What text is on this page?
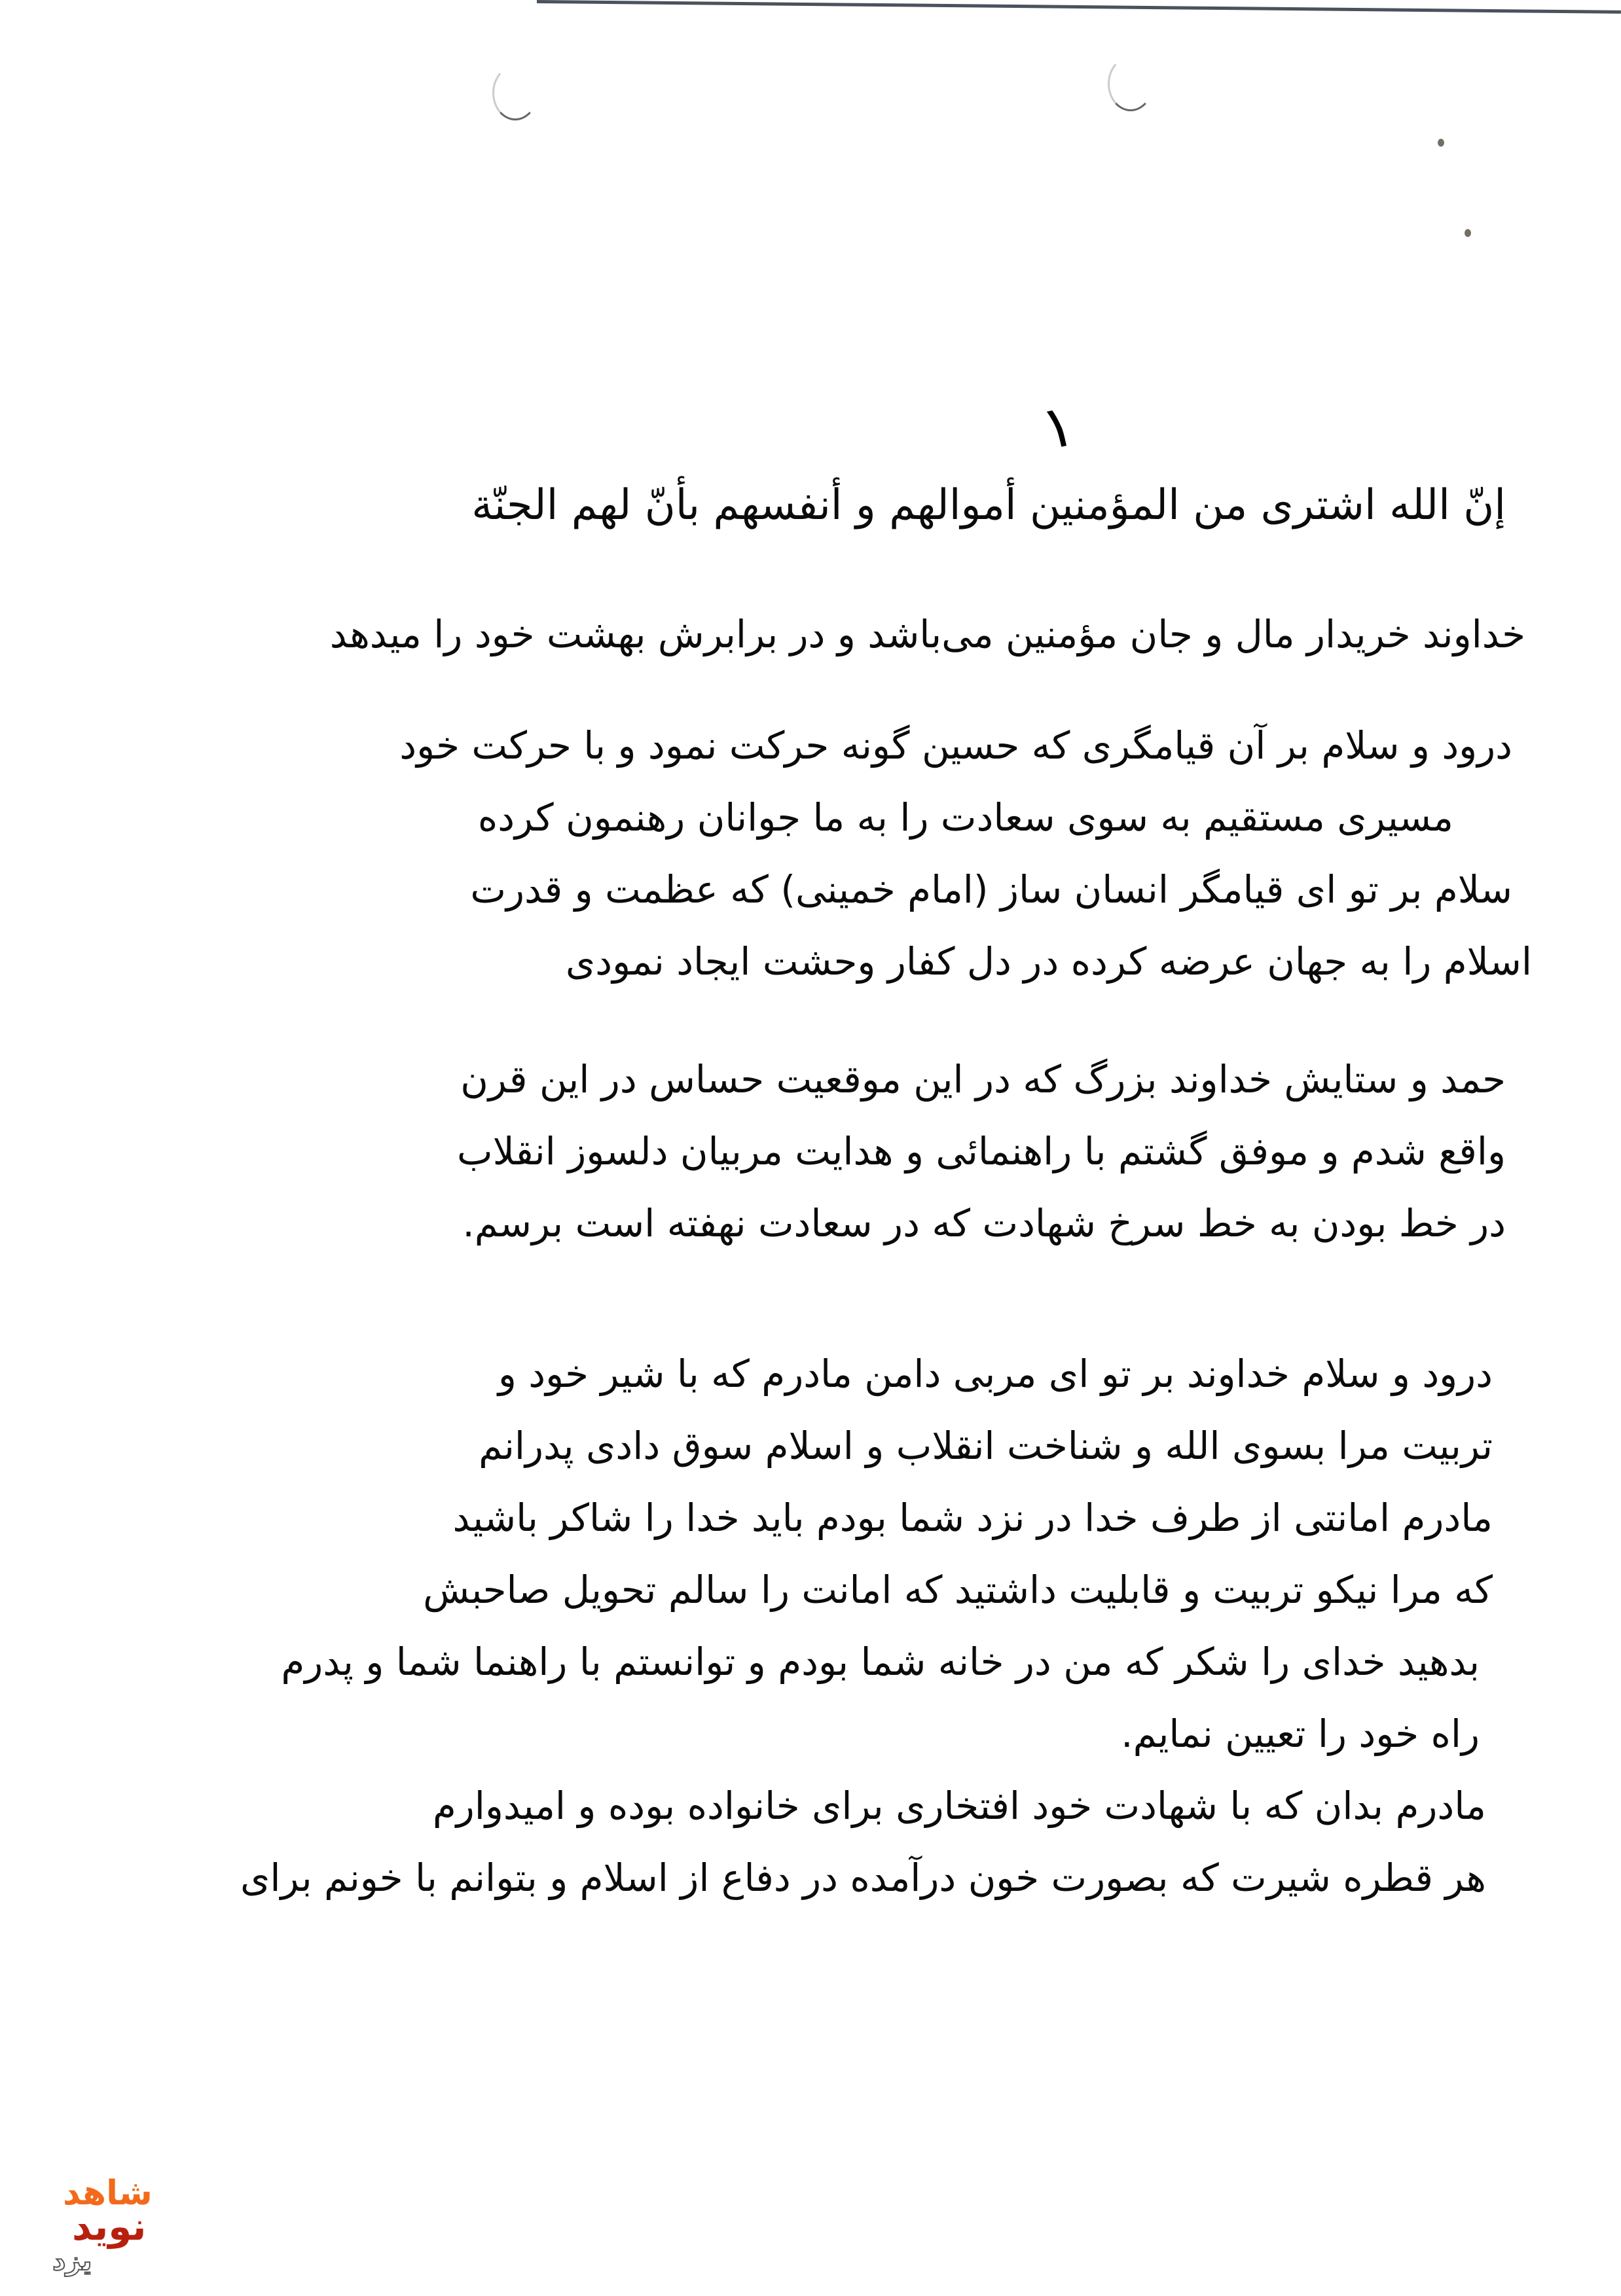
۱
إنّ الله اشتری من المؤمنین أموالهم و أنفسهم بأنّ لهم الجنّة
خداوند خریدار مال و جان مؤمنین می‌باشد و در برابرش بهشت خود را میدهد
درود و سلام بر آن قیامگری که حسین گونه حرکت نمود و با حرکت خود
مسیری مستقیم به سوی سعادت را به ما جوانان رهنمون کرده
سلام بر تو ای قیامگر انسان ساز (امام خمینی) که عظمت و قدرت
اسلام را به جهان عرضه کرده در دل کفار وحشت ایجاد نمودی
حمد و ستایش خداوند بزرگ که در این موقعیت حساس در این قرن
واقع شدم و موفق گشتم با راهنمائی و هدایت مربیان دلسوز انقلاب
در خط بودن به خط سرخ شهادت که در سعادت نهفته است برسم.
درود و سلام خداوند بر تو ای مربی دامن مادرم که با شیر خود و
تربیت مرا بسوی الله و شناخت انقلاب و اسلام سوق دادی پدرانم
مادرم امانتی از طرف خدا در نزد شما بودم باید خدا را شاکر باشید
که مرا نیکو تربیت و قابلیت داشتید که امانت را سالم تحویل صاحبش
بدهید خدای را شکر که من در خانه شما بودم و توانستم با راهنما شما و پدرم
راه خود را تعیین نمایم.
مادرم بدان که با شهادت خود افتخاری برای خانواده بوده و امیدوارم
هر قطره شیرت که بصورت خون درآمده در دفاع از اسلام و بتوانم با خونم برای
شاهد
نوید
یزد
